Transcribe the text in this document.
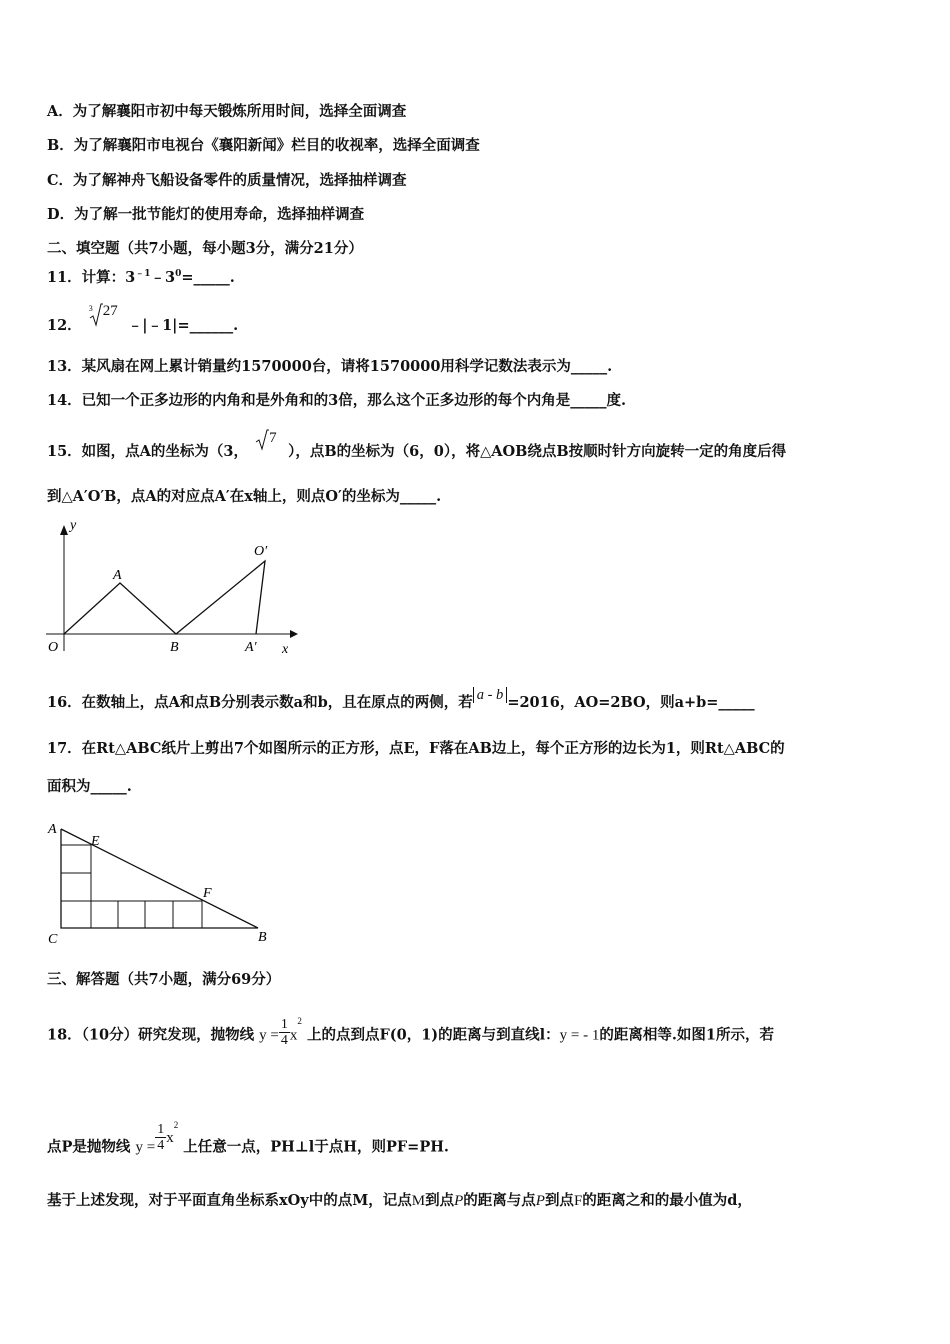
A．为了解襄阳市初中每天锻炼所用时间，选择全面调查
B．为了解襄阳市电视台《襄阳新闻》栏目的收视率，选择全面调查
C．为了解神舟飞船设备零件的质量情况，选择抽样调查
D．为了解一批节能灯的使用寿命，选择抽样调查
二、填空题（共7小题，每小题3分，满分21分）
11．计算：$3^{﹣1}﹣3^0=\_\_\_\_\_$.
12．
3 27
﹣|﹣1|=______.
13．某风扇在网上累计销量约1570000台，请将1570000用科学记数法表示为_____.
14．已知一个正多边形的内角和是外角和的3倍，那么这个正多边形的每个内角是_____度.
15．如图，点A的坐标为（3，
7
），点B的坐标为（6，0），将△AOB绕点B按顺时针方向旋转一定的角度后得
到△A′O′B，点A的对应点A′在x轴上，则点O′的坐标为_____.
y
x
O
A
B	A′
O′
16．在数轴上，点A和点B分别表示数a和b，且在原点的两侧，若 a - b =2016，AO=2BO，则a+b=_____
17．在Rt△ABC纸片上剪出7个如图所示的正方形，点E，F落在AB边上，每个正方形的边长为1，则Rt△ABC的
面积为_____.
A
E
F
C	B
三、解答题（共7小题，满分69分）
18．（10分）研究发现，抛物线 $y = \frac{1}{4} x^2$ 上的点到点F(0，1)的距离与到直线l：y = - 1的距离相等.如图1所示，若
点P是抛物线 $y = \frac{1}{4} x^2$ 上任意一点，PH⊥l于点H，则PF=PH.
基于上述发现，对于平面直角坐标系xOy中的点M，记点M到点P的距离与点P到点F的距离之和的最小值为d，
